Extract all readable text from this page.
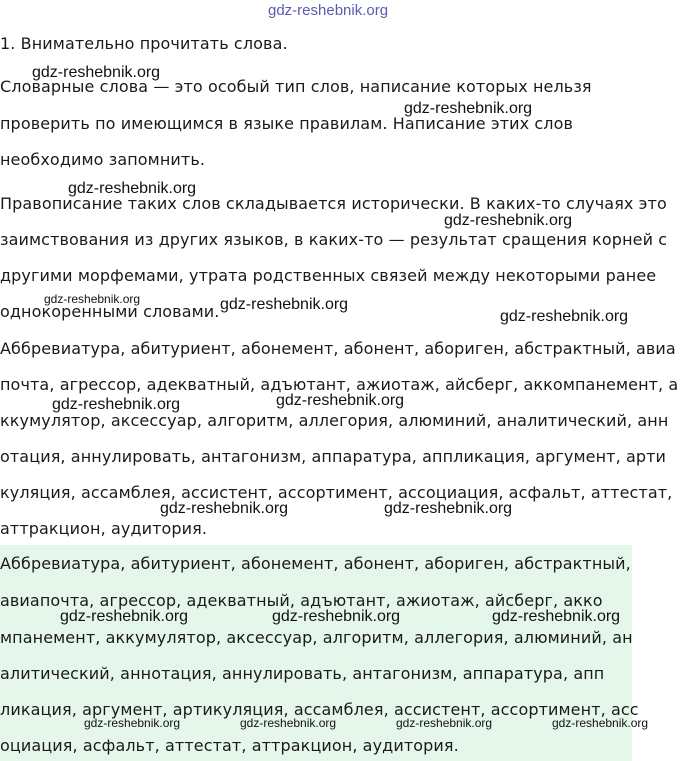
gdz-reshebnik.org
1. Внимательно прочитать слова.
Словарные слова — это особый тип слов, написание которых нельзя
проверить по имеющимся в языке правилам. Написание этих слов
необходимо запомнить.
Правописание таких слов складывается исторически. В каких-то случаях это
заимствования из других языков, в каких-то — результат сращения корней с
другими морфемами, утрата родственных связей между некоторыми ранее
однокоренными словами.
Аббревиатура, абитуриент, абонемент, абонент, абориген, абстрактный, авиа
почта, агрессор, адекватный, адъютант, ажиотаж, айсберг, аккомпанемент, а
ккумулятор, аксессуар, алгоритм, аллегория, алюминий, аналитический, анн
отация, аннулировать, антагонизм, аппаратура, аппликация, аргумент, арти
куляция, ассамблея, ассистент, ассортимент, ассоциация, асфальт, аттестат,
аттракцион, аудитория.
Аббревиатура, абитуриент, абонемент, абонент, абориген, абстрактный,
авиапочта, агрессор, адекватный, адъютант, ажиотаж, айсберг, акко
мпанемент, аккумулятор, аксессуар, алгоритм, аллегория, алюминий, ан
алитический, аннотация, аннулировать, антагонизм, аппаратура, апп
ликация, аргумент, артикуляция, ассамблея, ассистент, ассортимент, асс
оциация, асфальт, аттестат, аттракцион, аудитория.
gdz-reshebnik.org
gdz-reshebnik.org
gdz-reshebnik.org
gdz-reshebnik.org
gdz-reshebnik.org	gdz-reshebnik.org
gdz-reshebnik.org
gdz-reshebnik.org
gdz-reshebnik.org
gdz-reshebnik.org	gdz-reshebnik.org
gdz-reshebnik.org	gdz-reshebnik.org	gdz-reshebnik.org
gdz-reshebnik.org	gdz-reshebnik.org	gdz-reshebnik.org	gdz-reshebnik.org
